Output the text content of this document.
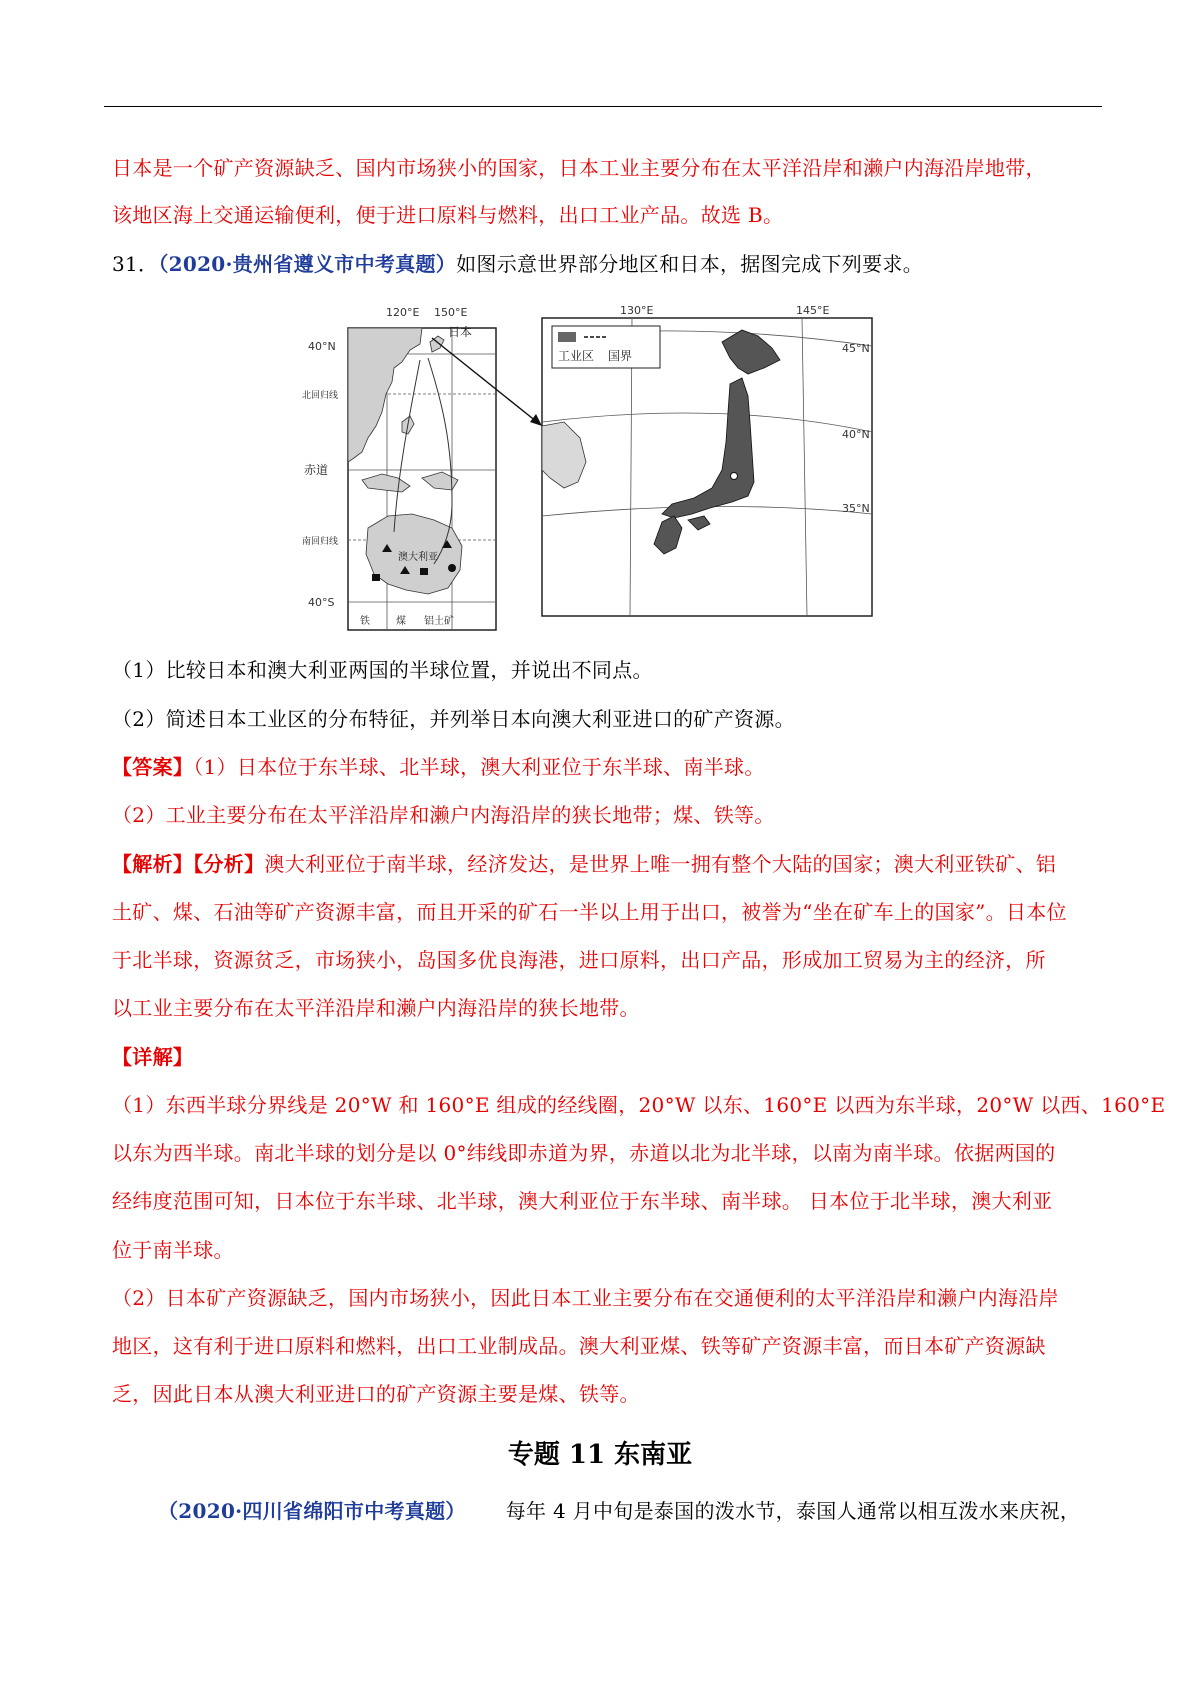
日本是一个矿产资源缺乏、国内市场狭小的国家，日本工业主要分布在太平洋沿岸和濑户内海沿岸地带，
该地区海上交通运输便利，便于进口原料与燃料，出口工业产品。故选 B。
31．（2020·贵州省遵义市中考真题）如图示意世界部分地区和日本，据图完成下列要求。
120°E 150°E
40°N
40°S
北回归线
赤道
南回归线
日本
澳大利亚
铁	煤 铝土矿
工业区 国界
130°E	145°E
45°N
40°N
35°N
（1）比较日本和澳大利亚两国的半球位置，并说出不同点。
（2）简述日本工业区的分布特征，并列举日本向澳大利亚进口的矿产资源。
【答案】（1）日本位于东半球、北半球，澳大利亚位于东半球、南半球。
（2）工业主要分布在太平洋沿岸和濑户内海沿岸的狭长地带；煤、铁等。
【解析】【分析】澳大利亚位于南半球，经济发达，是世界上唯一拥有整个大陆的国家；澳大利亚铁矿、铝
土矿、煤、石油等矿产资源丰富，而且开采的矿石一半以上用于出口，被誉为“坐在矿车上的国家”。日本位
于北半球，资源贫乏，市场狭小，岛国多优良海港，进口原料，出口产品，形成加工贸易为主的经济，所
以工业主要分布在太平洋沿岸和濑户内海沿岸的狭长地带。
【详解】
（1）东西半球分界线是 20°W 和 160°E 组成的经线圈，20°W 以东、160°E 以西为东半球，20°W 以西、160°E
以东为西半球。南北半球的划分是以 0°纬线即赤道为界，赤道以北为北半球，以南为南半球。依据两国的
经纬度范围可知，日本位于东半球、北半球，澳大利亚位于东半球、南半球。 日本位于北半球，澳大利亚
位于南半球。
（2）日本矿产资源缺乏，国内市场狭小，因此日本工业主要分布在交通便利的太平洋沿岸和濑户内海沿岸
地区，这有利于进口原料和燃料，出口工业制成品。澳大利亚煤、铁等矿产资源丰富，而日本矿产资源缺
乏，因此日本从澳大利亚进口的矿产资源主要是煤、铁等。
专题 11 东南亚
（2020·四川省绵阳市中考真题） 每年 4 月中旬是泰国的泼水节，泰国人通常以相互泼水来庆祝，
